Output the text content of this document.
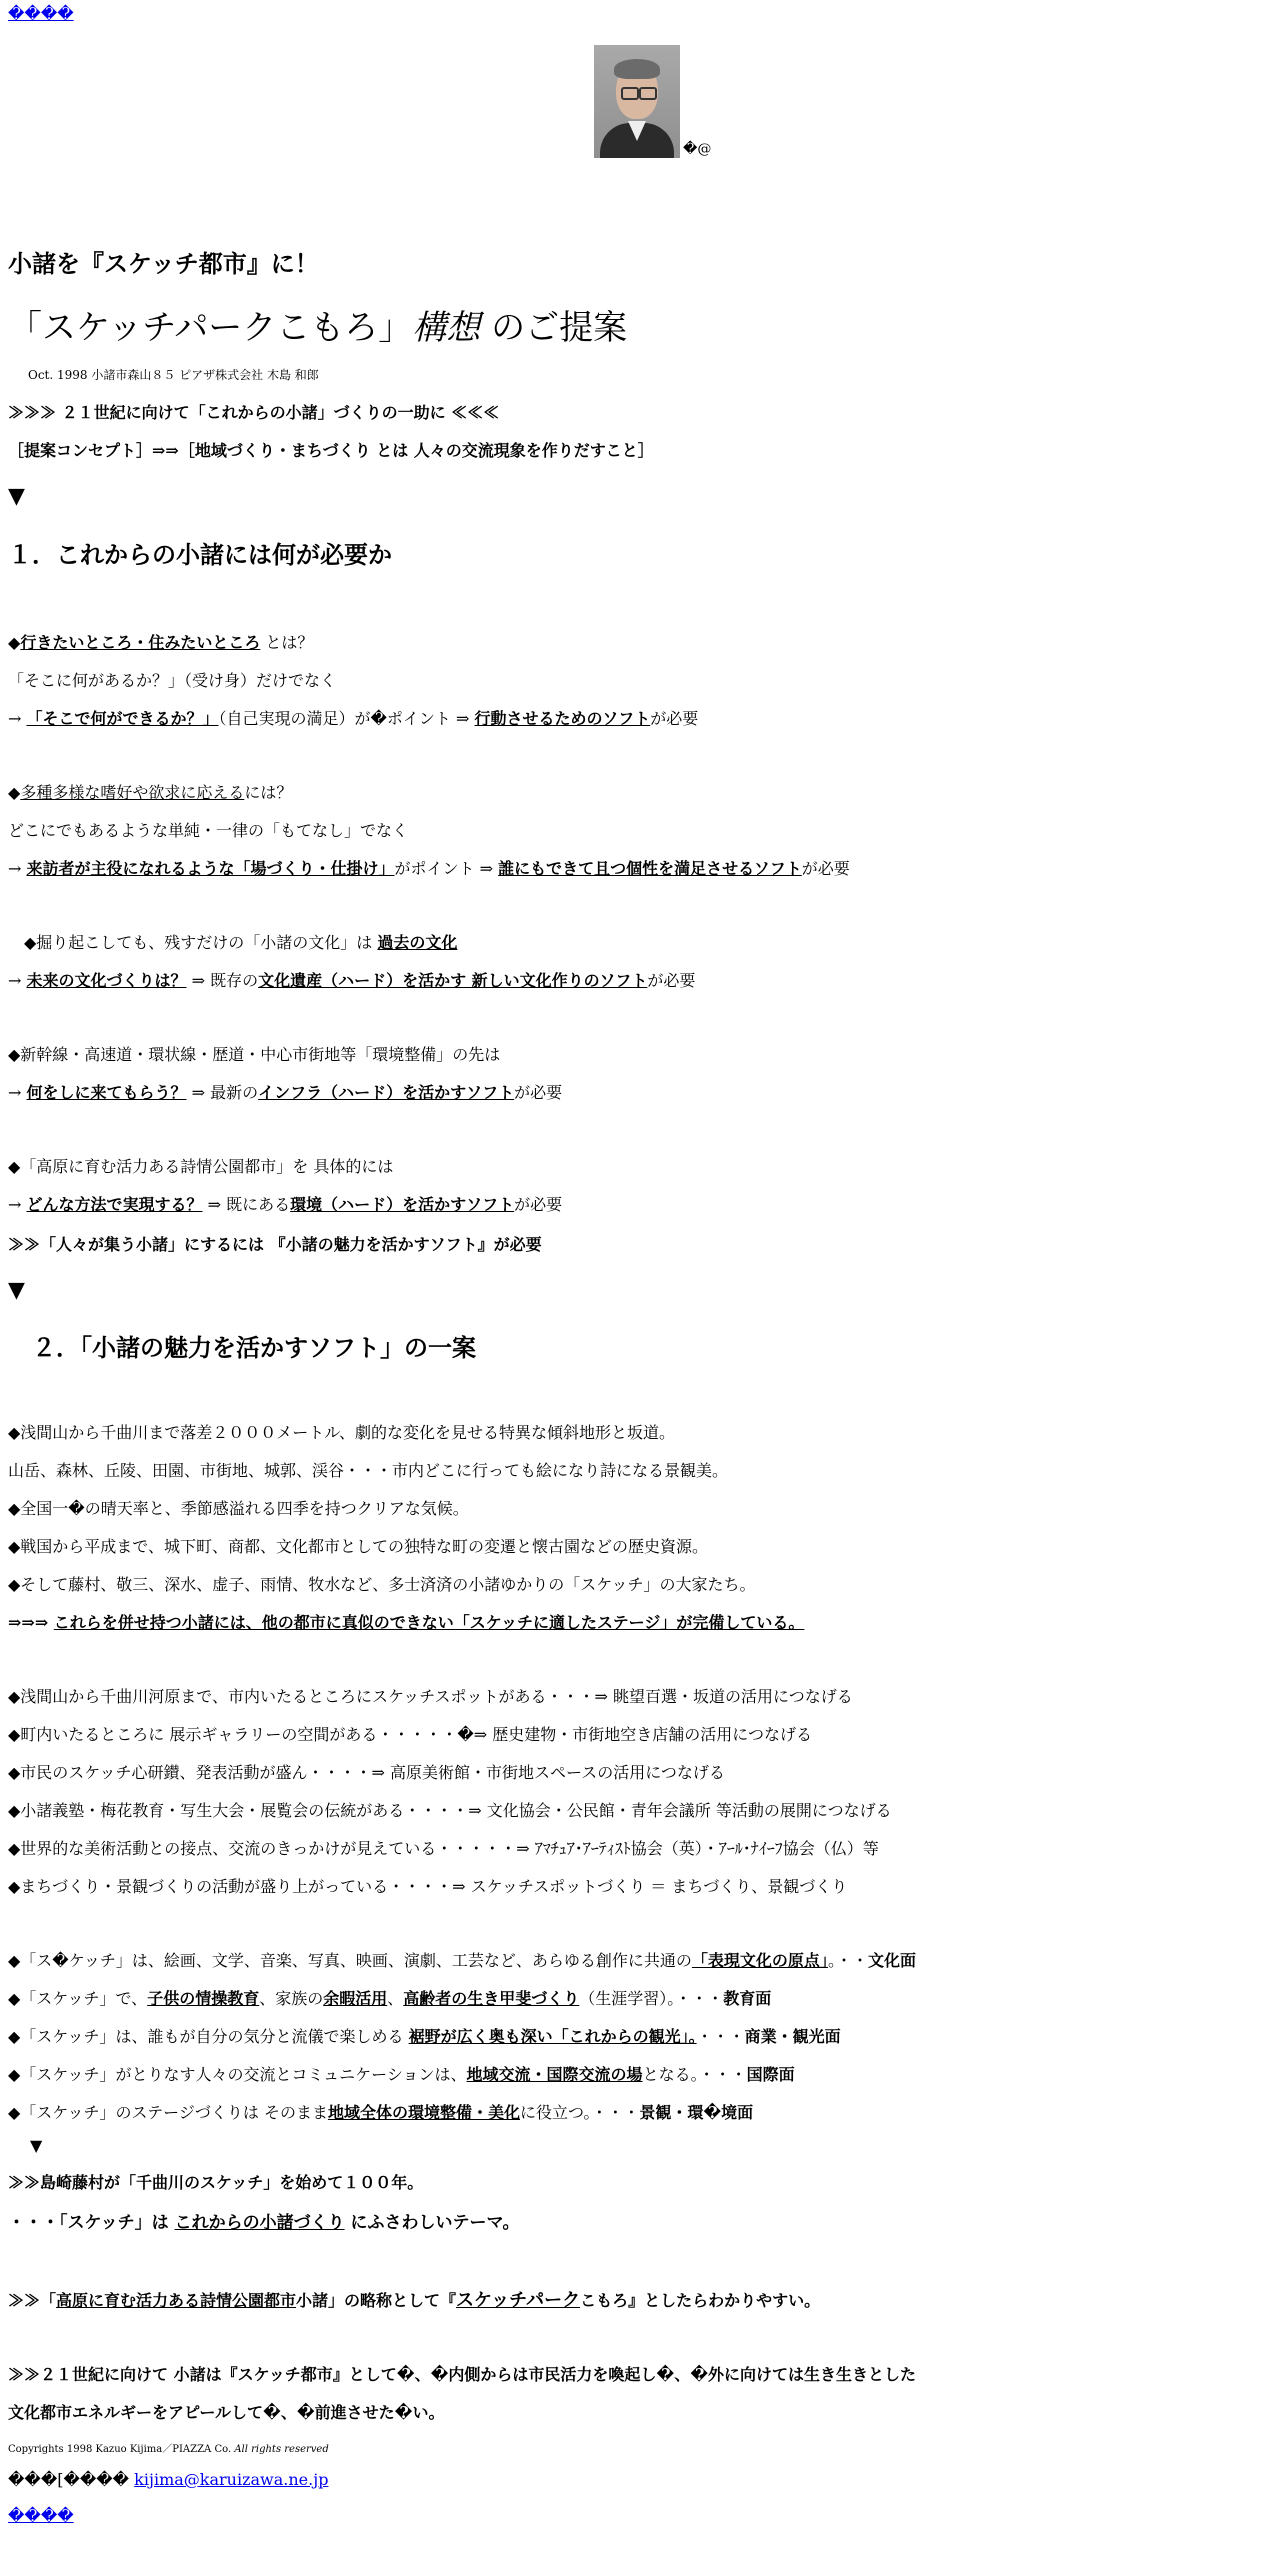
����
�@
小諸を『スケッチ都市』に！
「スケッチパークこもろ」構想 のご提案
Oct. 1998 小諸市森山８５ ピアザ株式会社 木島 和郎
≫≫≫ ２１世紀に向けて「これからの小諸」づくりの一助に ≪≪≪
［提案コンセプト］⇒⇒［地域づくり・まちづくり とは 人々の交流現象を作りだすこと］
▼
１．これからの小諸には何が必要か
◆行きたいところ・住みたいところ とは？
「そこに何があるか？」（受け身）だけでなく
→ 「そこで何ができるか？」（自己実現の満足）が�ポイント ⇒ 行動させるためのソフトが必要
◆多種多様な嗜好や欲求に応えるには？
どこにでもあるような単純・一律の「もてなし」でなく
→ 来訪者が主役になれるような「場づくり・仕掛け」がポイント ⇒ 誰にもできて且つ個性を満足させるソフトが必要
　◆掘り起こしても、残すだけの「小諸の文化」は 過去の文化
→ 未来の文化づくりは？ ⇒ 既存の文化遺産（ハード）を活かす 新しい文化作りのソフトが必要
◆新幹線・高速道・環状線・歴道・中心市街地等「環境整備」の先は
→ 何をしに来てもらう？ ⇒ 最新のインフラ（ハード）を活かすソフトが必要
◆「高原に育む活力ある詩情公園都市」を 具体的には
→ どんな方法で実現する？ ⇒ 既にある環境（ハード）を活かすソフトが必要
≫≫「人々が集う小諸」にするには 『小諸の魅力を活かすソフト』が必要
▼
２．「小諸の魅力を活かすソフト」の一案
◆浅間山から千曲川まで落差２０００メートル、劇的な変化を見せる特異な傾斜地形と坂道。
山岳、森林、丘陵、田園、市街地、城郭、渓谷・・・市内どこに行っても絵になり詩になる景観美。
◆全国一�の晴天率と、季節感溢れる四季を持つクリアな気候。
◆戦国から平成まで、城下町、商都、文化都市としての独特な町の変遷と懐古園などの歴史資源。
◆そして藤村、敬三、深水、虚子、雨情、牧水など、多士済済の小諸ゆかりの「スケッチ」の大家たち。
⇒⇒⇒ これらを併せ持つ小諸には、他の都市に真似のできない「スケッチに適したステージ」が完備している。
◆浅間山から千曲川河原まで、市内いたるところにスケッチスポットがある・・・⇒ 眺望百選・坂道の活用につなげる
◆町内いたるところに 展示ギャラリーの空間がある・・・・・�⇒ 歴史建物・市街地空き店舗の活用につなげる
◆市民のスケッチ心研鑚、発表活動が盛ん・・・・⇒ 高原美術館・市街地スペースの活用につなげる
◆小諸義塾・梅花教育・写生大会・展覧会の伝統がある・・・・⇒ 文化協会・公民館・青年会議所 等活動の展開につなげる
◆世界的な美術活動との接点、交流のきっかけが見えている・・・・・⇒ ｱﾏﾁｭｱ･ｱｰﾃｨｽﾄ協会（英）・ｱｰﾙ･ﾅｲｰﾌ協会（仏）等
◆まちづくり・景観づくりの活動が盛り上がっている・・・・⇒ スケッチスポットづくり ＝ まちづくり、景観づくり
◆「ス�ケッチ」は、絵画、文学、音楽、写真、映画、演劇、工芸など、あらゆる創作に共通の「表現文化の原点」。・・文化面
◆「スケッチ」で、子供の情操教育、家族の余暇活用、高齢者の生き甲斐づくり（生涯学習）。・・・教育面
◆「スケッチ」は、誰もが自分の気分と流儀で楽しめる 裾野が広く奥も深い「これからの観光」。・・・商業・観光面
◆「スケッチ」がとりなす人々の交流とコミュニケーションは、地域交流・国際交流の場となる。・・・国際面
◆「スケッチ」のステージづくりは そのまま地域全体の環境整備・美化に役立つ。・・・景観・環�境面
▼
≫≫島崎藤村が「千曲川のスケッチ」を始めて１００年。
・・・「スケッチ」は これからの小諸づくり にふさわしいテーマ。
≫≫「高原に育む活力ある詩情公園都市小諸」の略称として『スケッチパークこもろ』としたらわかりやすい。
≫≫２１世紀に向けて 小諸は『スケッチ都市』として�、�内側からは市民活力を喚起し�、�外に向けては生き生きとした
文化都市エネルギーをアピールして�、�前進させた�い。
Copyrights 1998 Kazuo Kijima／PIAZZA Co. All rights reserved
���[���� kijima@karuizawa.ne.jp
����
